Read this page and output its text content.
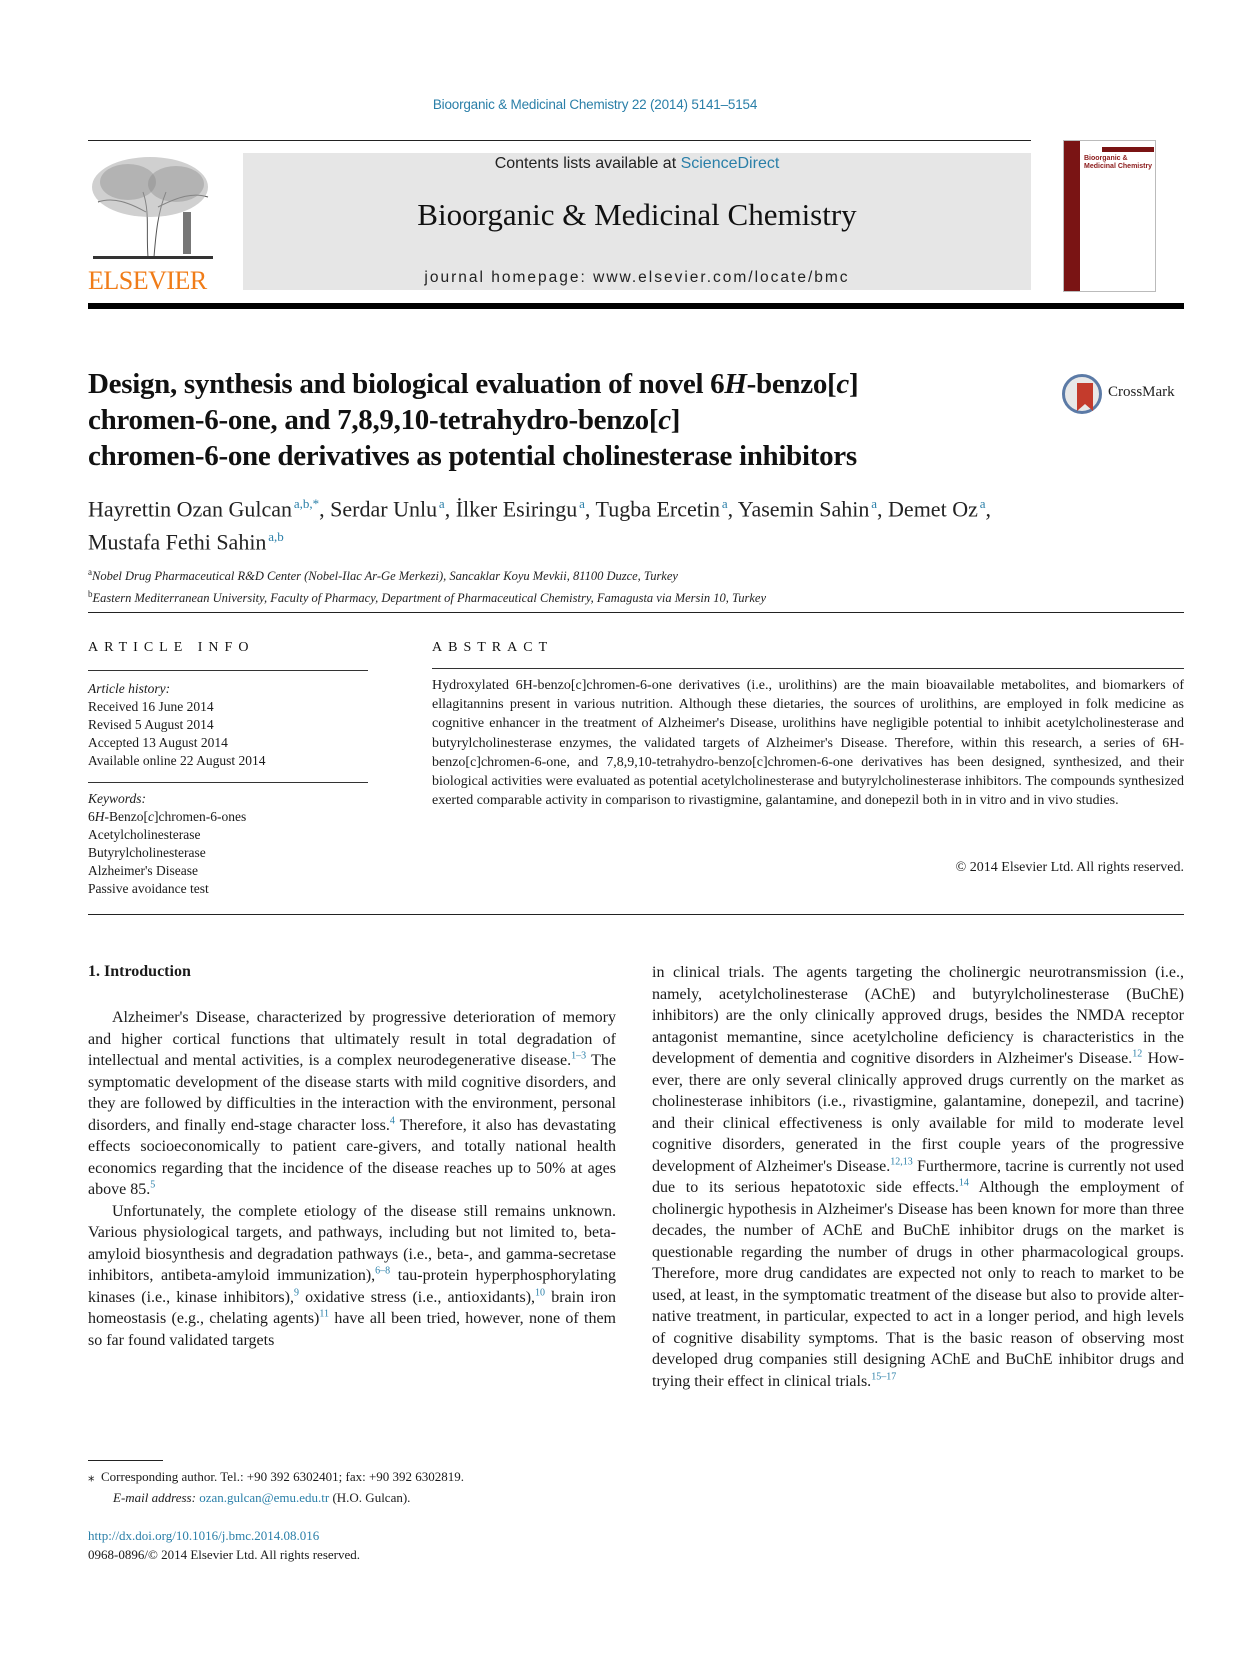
Bioorganic & Medicinal Chemistry 22 (2014) 5141–5154
ELSEVIER
Contents lists available at ScienceDirect
Bioorganic & Medicinal Chemistry
journal homepage: www.elsevier.com/locate/bmc
Bioorganic & Medicinal Chemistry
Design, synthesis and biological evaluation of novel 6H-benzo[c]
chromen-6-one, and 7,8,9,10-tetrahydro-benzo[c]
chromen-6-one derivatives as potential cholinesterase inhibitors
CrossMark
Hayrettin Ozan Gulcan  $^{a,b,*}$, Serdar Unlu  $^a$, İlker Esiringu  $^a$, Tugba Ercetin  $^a$, Yasemin Sahin  $^a$, Demet Oz  $^a$,
Mustafa Fethi Sahin  $^{a,b}$
$^a$Nobel Drug Pharmaceutical R&D Center (Nobel-Ilac Ar-Ge Merkezi), Sancaklar Koyu Mevkii, 81100 Duzce, Turkey
$^b$Eastern Mediterranean University, Faculty of Pharmacy, Department of Pharmaceutical Chemistry, Famagusta via Mersin 10, Turkey
ARTICLE INFO
Article history:
Received 16 June 2014
Revised 5 August 2014
Accepted 13 August 2014
Available online 22 August 2014
Keywords:
6H-Benzo[c]chromen-6-ones
Acetylcholinesterase
Butyrylcholinesterase
Alzheimer's Disease
Passive avoidance test
ABSTRACT
Hydroxylated 6H-benzo[c]chromen-6-one derivatives (i.e., urolithins) are the main bioavailable metabolites, and biomarkers of ellagitannins present in various nutrition. Although these dietaries, the sources of urolithins, are employed in folk medicine as cognitive enhancer in the treatment of Alzheimer's Disease, urolithins have negligible potential to inhibit acetylcholinesterase and butyrylcholinesterase enzymes, the validated targets of Alzheimer's Disease. Therefore, within this research, a series of 6H-benzo[c]chromen-6-one, and 7,8,9,10-tetrahydro-benzo[c]chromen-6-one derivatives has been designed, synthesized, and their biological activities were evaluated as potential acetylcholinesterase and butyrylcholinesterase inhibitors. The compounds synthesized exerted comparable activity in comparison to rivastigmine, galantamine, and donepezil both in in vitro and in vivo studies.
© 2014 Elsevier Ltd. All rights reserved.
1. Introduction

Alzheimer's Disease, characterized by progressive deterioration of memory and higher cortical functions that ultimately result in total degradation of intellectual and mental activities, is a complex neurodegenerative disease.$^{1-3}$ The symptomatic development of the disease starts with mild cognitive disorders, and they are followed by difficulties in the interaction with the environment, personal disorders, and finally end-stage character loss.$^4$ Therefore, it also has devastating effects socioeconomically to patient care-givers, and totally national health economics regarding that the incidence of the disease reaches up to 50% at ages above 85.$^5$

Unfortunately, the complete etiology of the disease still remains unknown. Various physiological targets, and pathways, including but not limited to, beta-amyloid biosynthesis and degradation pathways (i.e., beta-, and gamma-secretase inhibitors, antibeta-amyloid immunization),$^{6-8}$ tau-protein hyperphosphorylating kinases (i.e., kinase inhibitors),$^9$ oxidative stress (i.e., antioxidants),$^{10}$ brain iron homeostasis (e.g., chelating agents)$^{11}$ have all been tried, however, none of them so far found validated targets

in clinical trials. The agents targeting the cholinergic neurotransmission (i.e., namely, acetylcholinesterase (AChE) and butyrylcholinesterase (BuChE) inhibitors) are the only clinically approved drugs, besides the NMDA receptor antagonist memantine, since acetylcholine deficiency is characteristics in the development of dementia and cognitive disorders in Alzheimer's Disease.$^{12}$ However, there are only several clinically approved drugs currently on the market as cholinesterase inhibitors (i.e., rivastigmine, galantamine, donepezil, and tacrine) and their clinical effectiveness is only available for mild to moderate level cognitive disorders, generated in the first couple years of the progressive development of Alzheimer's Disease.$^{12,13}$ Furthermore, tacrine is currently not used due to its serious hepatotoxic side effects.$^{14}$ Although the employment of cholinergic hypothesis in Alzheimer's Disease has been known for more than three decades, the number of AChE and BuChE inhibitor drugs on the market is questionable regarding the number of drugs in other pharmacological groups. Therefore, more drug candidates are expected not only to reach to market to be used, at least, in the symptomatic treatment of the disease but also to provide alternative treatment, in particular, expected to act in a longer period, and high levels of cognitive disability symptoms. That is the basic reason of observing most developed drug companies still designing AChE and BuChE inhibitor drugs and trying their effect in clinical trials.$^{15-17}$

⁎ Corresponding author. Tel.: +90 392 6302401; fax: +90 392 6302819.
E-mail address: ozan.gulcan@emu.edu.tr (H.O. Gulcan).
http://dx.doi.org/10.1016/j.bmc.2014.08.016
0968-0896/© 2014 Elsevier Ltd. All rights reserved.
